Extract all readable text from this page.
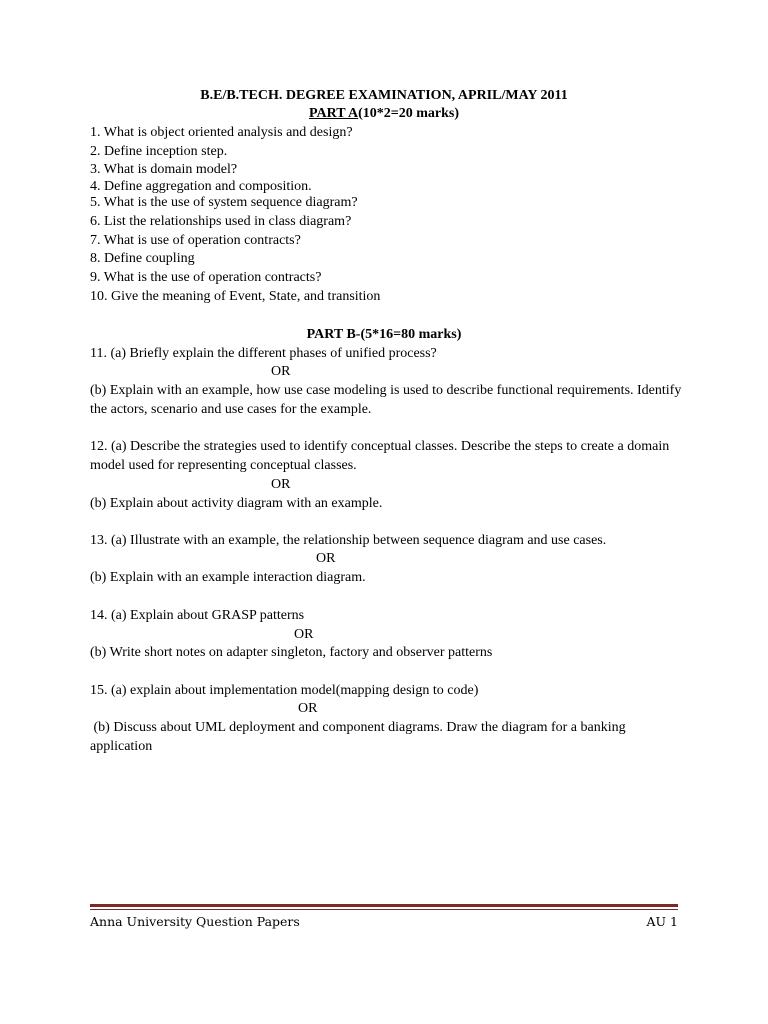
B.E/B.TECH. DEGREE EXAMINATION, APRIL/MAY 2011
PART A(10*2=20 marks)
1. What is object oriented analysis and design?
2. Define inception step.
3. What is domain model?
4. Define aggregation and composition.
5. What is the use of system sequence diagram?
6. List the relationships used in class diagram?
7. What is use of operation contracts?
8. Define coupling
9. What is the use of operation contracts?
10. Give the meaning of Event, State, and transition
PART B-(5*16=80 marks)
11. (a) Briefly explain the different phases of unified process?
OR
(b) Explain with an example, how use case modeling is used to describe functional requirements. Identify
the actors, scenario and use cases for the example.
12. (a) Describe the strategies used to identify conceptual classes. Describe the steps to create a domain
model used for representing conceptual classes.
OR
(b) Explain about activity diagram with an example.
13. (a) Illustrate with an example, the relationship between sequence diagram and use cases.
OR
(b) Explain with an example interaction diagram.
14. (a) Explain about GRASP patterns
OR
(b) Write short notes on adapter singleton, factory and observer patterns
15. (a) explain about implementation model(mapping design to code)
OR
(b) Discuss about UML deployment and component diagrams. Draw the diagram for a banking
application
Anna University Question Papers	AU 1
